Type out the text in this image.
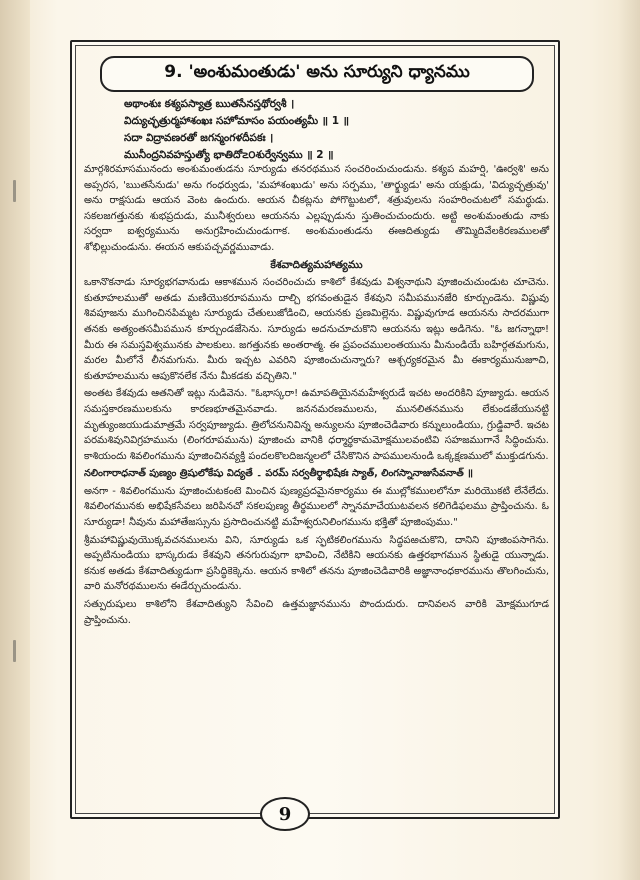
9. 'అంశుమంతుడు' అను సూర్యుని ధ్యానము
అథాంశుః కశ్యపస్యాత్ర ఋతసేనస్తథోర్వశీ ।
విద్యుచ్ఛత్రుర్మహాశంఖః సహోమాసం పయంత్యమీ ॥ 1 ॥
సదా విద్రావణరతో జగన్మంగళదీపకః ।
మునీంద్రనివహస్తుత్యో భాతిదో౽౦శుర్వేన్వము ॥ 2 ॥

మార్గశిరమాసమునందు అంశుమంతుడను సూర్యుడు తనరథమున సంచరించుచుండును. కశ్యప మహర్షి, 'ఊర్వశి' అను అప్సరస, 'ఋతసేనుడు' అను గంధర్వుడు, 'మహాశంఖుడు' అను సర్పము, 'తార్క్ష్యుడు' అను యక్షుడు, 'విద్యుచ్ఛత్రువు' అను రాక్షసుడు ఆయన వెంట ఉందురు. ఆయన చీకట్లను పోగొట్టుటలో, శత్రువులను సంహరించుటలో సమర్థుడు. సకలజగత్తునకు శుభప్రదుడు, మునీశ్వరులు ఆయనను ఎల్లప్పుడును స్తుతించుచుందురు. అట్టి అంశుమంతుడు నాకు సర్వదా ఐశ్వర్యమును అనుగ్రహించుచుండుగాక. అంశుమంతుడను ఈఆదిత్యుడు తొమ్మిదివేలకిరణములతో శోభిల్లుచుండును. ఈయన ఆకుపచ్చవర్ణమువాడు.

కేశవాదిత్యమహాత్యము

ఒకానొకనాడు సూర్యభగవానుడు ఆకాశమున సంచరించుచు కాశిలో కేశవుడు విశ్వనాథుని పూజించుచుండుట చూచెను. కుతూహలముతో అతడు మణియొకరూపమును దాల్చి భగవంతుడైన కేశవుని సమీపమునజేరి కూర్చుండెను. విష్ణువు శివపూజను ముగించినపిమ్మట సూర్యుడు చేతులుజోడించి, ఆయనకు ప్రణమిల్లెను. విష్ణువుగూడ ఆయనను సాదరముగా తనకు అత్యంతసమీపమున కూర్చుండజేసెను. సూర్యుడు అదనుచూచుకొని ఆయనను ఇట్లు అడిగెను. "ఓ జగన్నాథా! మీరు ఈ సమస్తవిశ్వమునకు పాలకులు. జగత్తునకు అంతరాత్మ. ఈ ప్రపంచములంతయును మీనుండియే బహిర్గతమగును, మరల మీలోనే లీనమగును. మీరు ఇచ్చట ఎవరిని పూజించుచున్నారు? ఆశ్చర్యకరమైన మీ ఈకార్యమునుజూచి, కుతూహలమును ఆపుకొనలేక నేను మీకడకు వచ్చితిని."

అంతట కేశవుడు ఆతనితో ఇట్లు నుడివెను. "ఓభాస్కరా! ఉమాపతియైనమహేశ్వరుడే ఇచట అందరికిని పూజ్యుడు. ఆయన సమస్తకారణములకును కారణభూతమైనవాడు. జననమరణములను, మునలితనమును లేకుండజేయునట్టి మృత్యుంజయుడుమాత్రమే సర్వపూజ్యుడు. త్రిలోచనునివిన్న అన్యులను పూజించెడివారు కన్నులుండియు, గ్రుడ్డివారే. ఇచట పరమశివునివిగ్రహమును (లింగరూపమును) పూజించు వానికి ధర్మార్థకామమోక్షములవంటివి సహజముగానే సిద్ధించును. కాశియందు శివలింగమును పూజించినవ్యక్తి పందలకొలదిజన్మలలో చేసికొనిన పాపములనుండి ఒక్కక్షణములో ముక్తుడగును.

నలింగారాధనాత్ పుణ్యం త్రిషులోకేషు విద్యతే ۔ పరమ్ సర్వతీర్థాభిషేకః స్యాత్, లింగస్నానాజుసేవనాత్ ॥

అనగా - శివలింగమును పూజించుటకంటె మించిన పుణ్యప్రదమైనకార్యము ఈ ముల్లోకములలోనూ మరియొకటి లేనేలేదు. శివలింగమునకు అభిషేకసేవలు జరిపినచో సకలపుణ్య తీర్థములలో స్నానమాచేయుటవలన కలిగెడిఫలము ప్రాప్తించును. ఓ సూర్యుడా! నీవును మహాతేజస్సును ప్రసాదించునట్టి మహేశ్వరునిలింగమును భక్తితో పూజింపుము."

శ్రీమహావిష్ణువుయొక్కవచనములను విని, సూర్యుడు ఒక స్ఫటికలింగమును సిద్ధపఱచుకొని, దానిని పూజింపసాగెను. అప్పటినుండియు భాస్కరుడు కేశవుని తనగురువుగా భావించి, నేటికిని ఆయనకు ఉత్తరభాగమున స్థితుడై యున్నాడు. కనుక అతడు కేశవాదిత్యుడుగా ప్రసిద్ధికెక్కెను. ఆయన కాశిలో తనను పూజించెడివారికి అజ్ఞానాంధకారమును తొలగించును, వారి మనోరథములను ఈడేర్చుచుండును.

సత్పురుషులు కాశిలోని కేశవాదిత్యుని సేవించి ఉత్తమజ్ఞానమును పొందుదురు. దానివలన వారికి మోక్షముగూడ ప్రాప్తించును.

9
